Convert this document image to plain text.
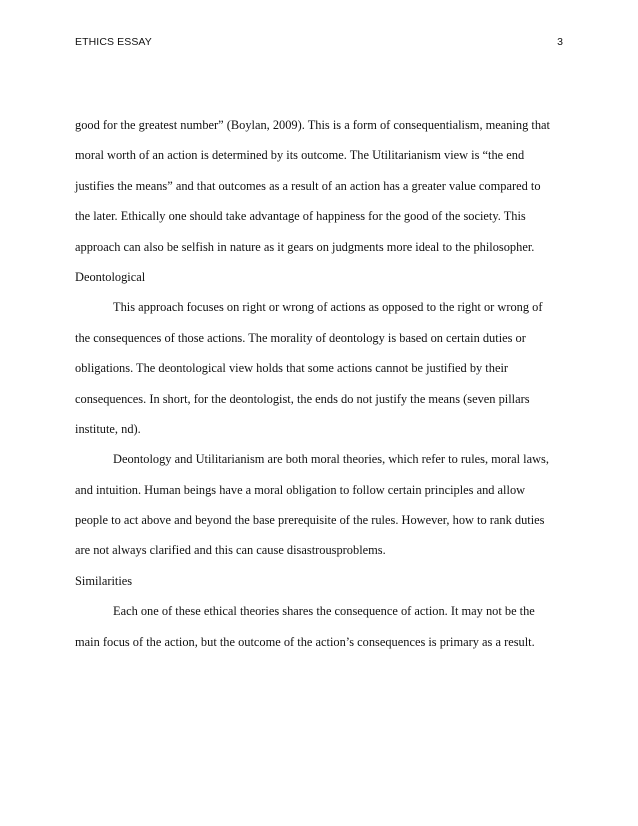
ETHICS ESSAY	3
good for the greatest number” (Boylan, 2009). This is a form of consequentialism, meaning that
moral worth of an action is determined by its outcome. The Utilitarianism view is “the end
justifies the means” and that outcomes as a result of an action has a greater value compared to
the later. Ethically one should take advantage of happiness for the good of the society. This
approach can also be selfish in nature as it gears on judgments more ideal to the philosopher.
Deontological
This approach focuses on right or wrong of actions as opposed to the right or wrong of
the consequences of those actions. The morality of deontology is based on certain duties or
obligations. The deontological view holds that some actions cannot be justified by their
consequences. In short, for the deontologist, the ends do not justify the means (seven pillars
institute, nd).
Deontology and Utilitarianism are both moral theories, which refer to rules, moral laws,
and intuition. Human beings have a moral obligation to follow certain principles and allow
people to act above and beyond the base prerequisite of the rules. However, how to rank duties
are not always clarified and this can cause disastrousproblems.
Similarities
Each one of these ethical theories shares the consequence of action. It may not be the
main focus of the action, but the outcome of the action’s consequences is primary as a result.
